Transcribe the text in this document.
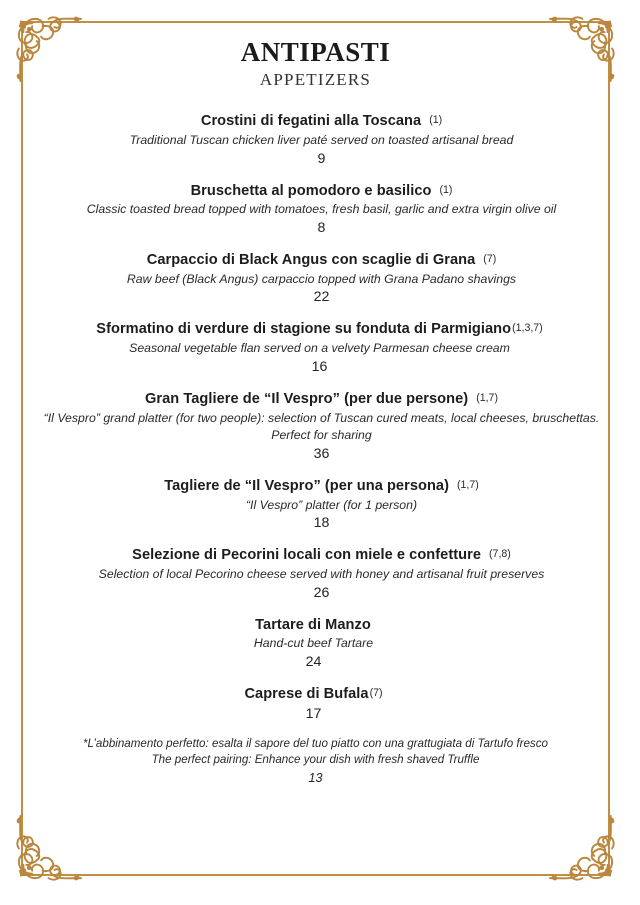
ANTIPASTI
APPETIZERS
Crostini di fegatini alla Toscana (1)
Traditional Tuscan chicken liver paté served on toasted artisanal bread
9
Bruschetta al pomodoro e basilico (1)
Classic toasted bread topped with tomatoes, fresh basil, garlic and extra virgin olive oil
8
Carpaccio di Black Angus con scaglie di Grana (7)
Raw beef (Black Angus) carpaccio topped with Grana Padano shavings
22
Sformatino di verdure di stagione su fonduta di Parmigiano(1,3,7)
Seasonal vegetable flan served on a velvety Parmesan cheese cream
16
Gran Tagliere de “Il Vespro” (per due persone) (1,7)
“Il Vespro” grand platter (for two people): selection of Tuscan cured meats, local cheeses, bruschettas.
Perfect for sharing
36
Tagliere de “Il Vespro” (per una persona) (1,7)
“Il Vespro” platter (for 1 person)
18
Selezione di Pecorini locali con miele e confetture (7,8)
Selection of local Pecorino cheese served with honey and artisanal fruit preserves
26
Tartare di Manzo
Hand-cut beef Tartare
24
Caprese di Bufala(7)
17
*L’abbinamento perfetto: esalta il sapore del tuo piatto con una grattugiata di Tartufo fresco
The perfect pairing: Enhance your dish with fresh shaved Truffle
13
